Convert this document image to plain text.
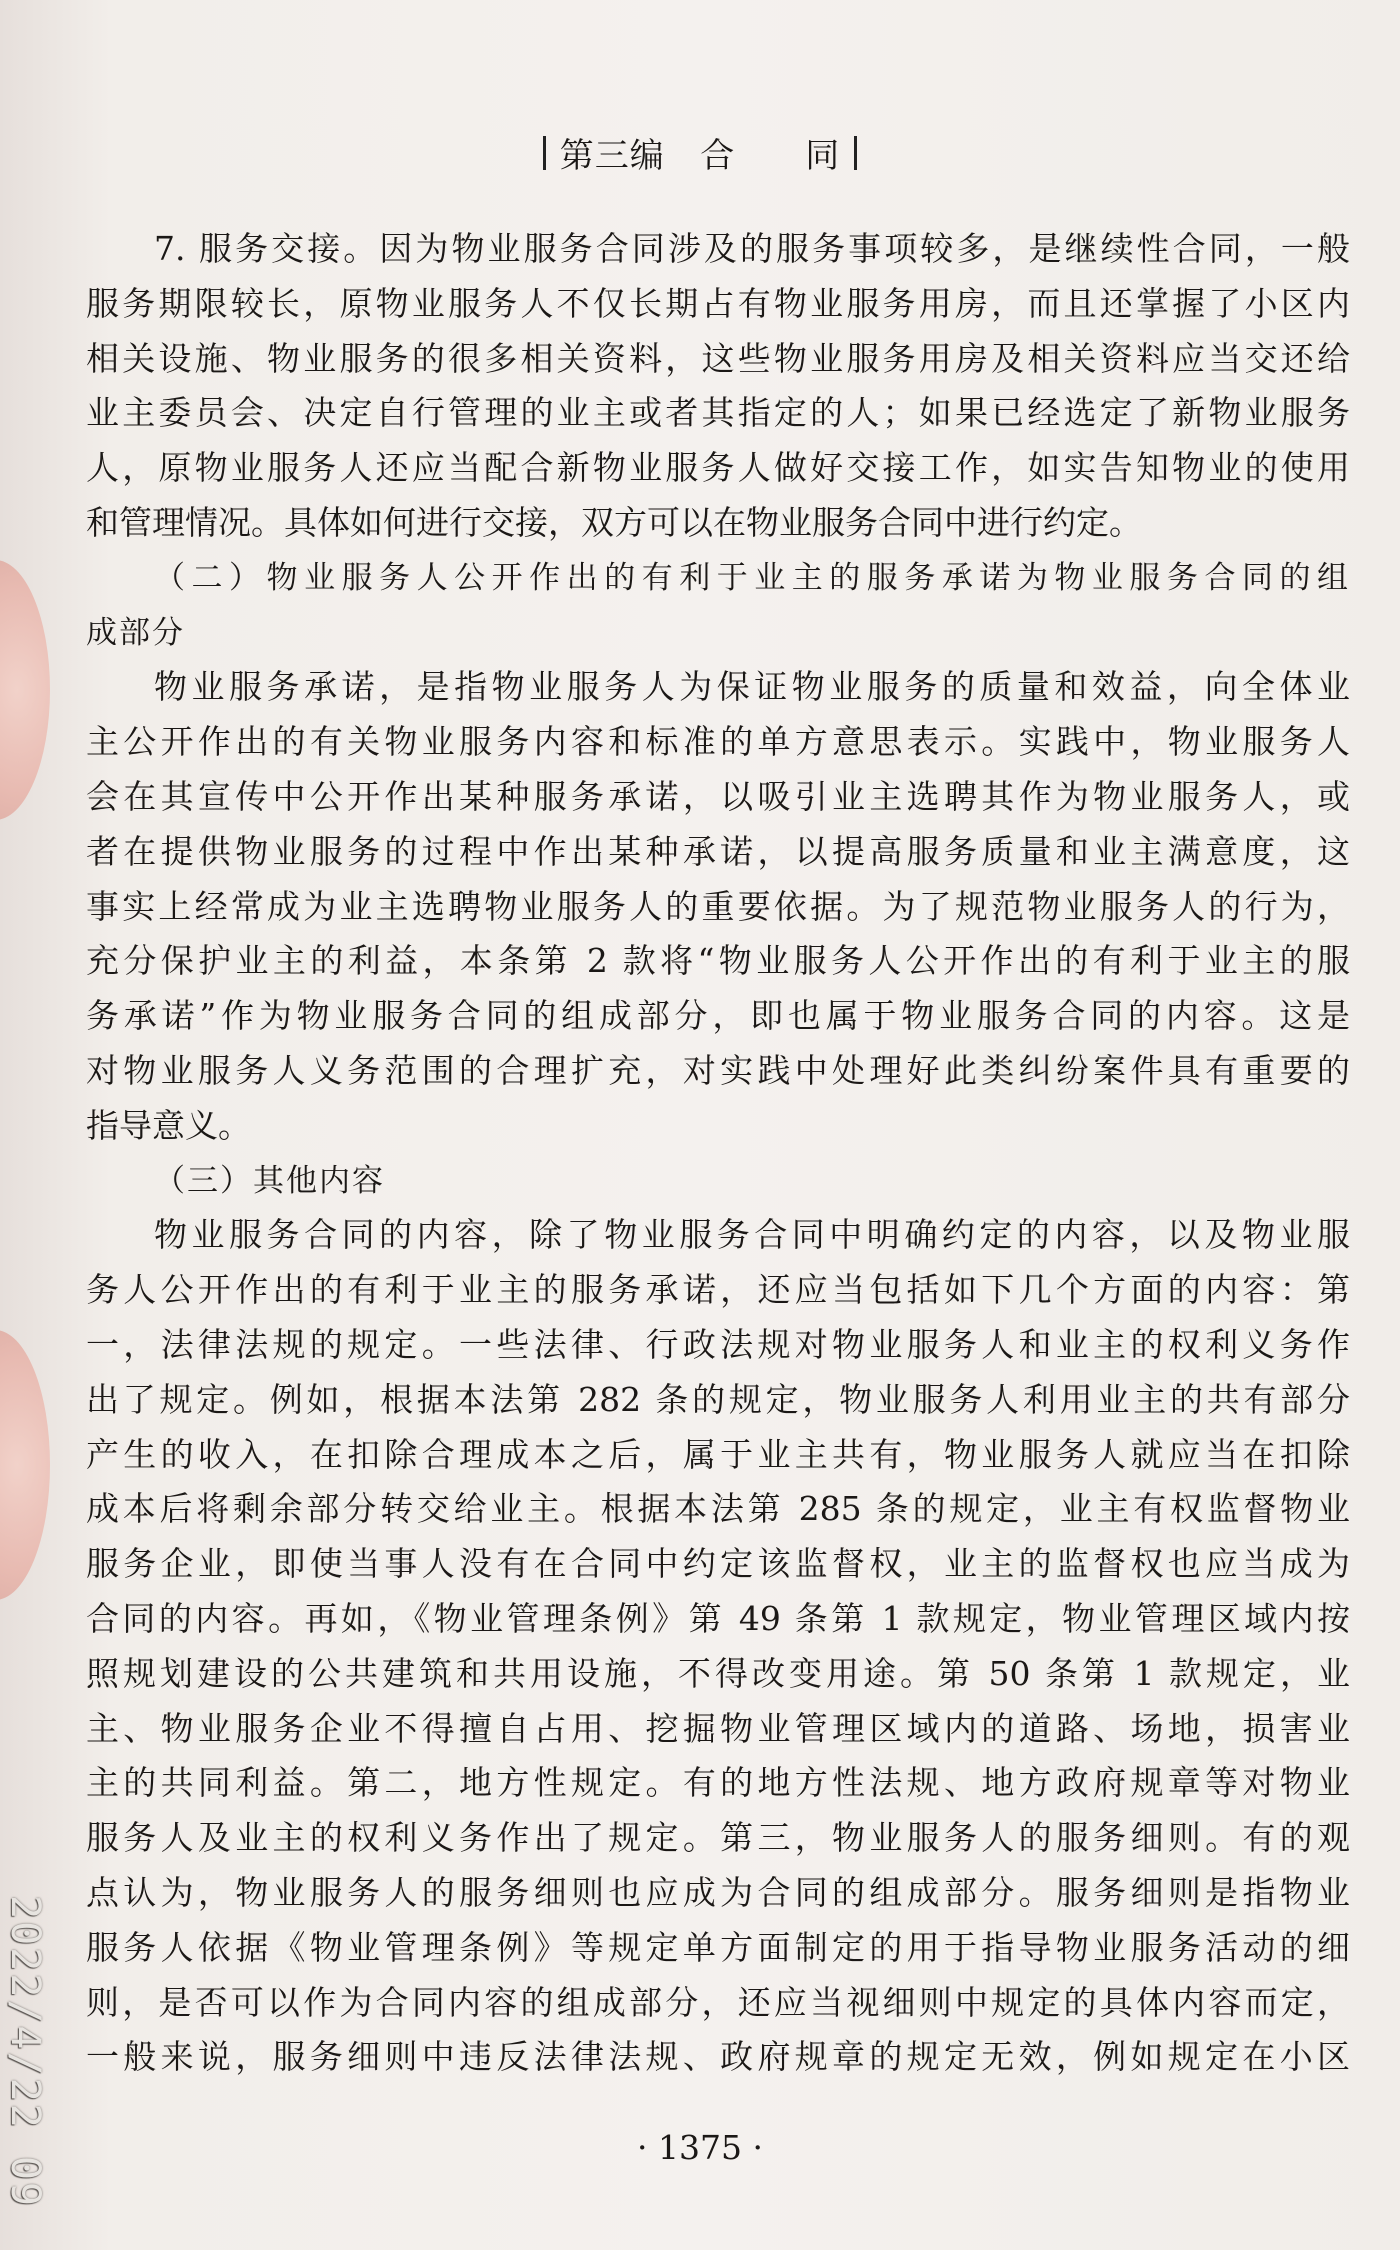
第三编 合　　同
7. 服务交接。因为物业服务合同涉及的服务事项较多，是继续性合同，一般
服务期限较长，原物业服务人不仅长期占有物业服务用房，而且还掌握了小区内
相关设施、物业服务的很多相关资料，这些物业服务用房及相关资料应当交还给
业主委员会、决定自行管理的业主或者其指定的人；如果已经选定了新物业服务
人，原物业服务人还应当配合新物业服务人做好交接工作，如实告知物业的使用
和管理情况。具体如何进行交接，双方可以在物业服务合同中进行约定。
（二）物业服务人公开作出的有利于业主的服务承诺为物业服务合同的组
成部分
物业服务承诺，是指物业服务人为保证物业服务的质量和效益，向全体业
主公开作出的有关物业服务内容和标准的单方意思表示。实践中，物业服务人
会在其宣传中公开作出某种服务承诺，以吸引业主选聘其作为物业服务人，或
者在提供物业服务的过程中作出某种承诺，以提高服务质量和业主满意度，这
事实上经常成为业主选聘物业服务人的重要依据。为了规范物业服务人的行为，
充分保护业主的利益，本条第 2 款将“物业服务人公开作出的有利于业主的服
务承诺”作为物业服务合同的组成部分，即也属于物业服务合同的内容。这是
对物业服务人义务范围的合理扩充，对实践中处理好此类纠纷案件具有重要的
指导意义。
（三）其他内容
物业服务合同的内容，除了物业服务合同中明确约定的内容，以及物业服
务人公开作出的有利于业主的服务承诺，还应当包括如下几个方面的内容：第
一，法律法规的规定。一些法律、行政法规对物业服务人和业主的权利义务作
出了规定。例如，根据本法第 282 条的规定，物业服务人利用业主的共有部分
产生的收入，在扣除合理成本之后，属于业主共有，物业服务人就应当在扣除
成本后将剩余部分转交给业主。根据本法第 285 条的规定，业主有权监督物业
服务企业，即使当事人没有在合同中约定该监督权，业主的监督权也应当成为
合同的内容。再如，《物业管理条例》第 49 条第 1 款规定，物业管理区域内按
照规划建设的公共建筑和共用设施，不得改变用途。第 50 条第 1 款规定，业
主、物业服务企业不得擅自占用、挖掘物业管理区域内的道路、场地，损害业
主的共同利益。第二，地方性规定。有的地方性法规、地方政府规章等对物业
服务人及业主的权利义务作出了规定。第三，物业服务人的服务细则。有的观
点认为，物业服务人的服务细则也应成为合同的组成部分。服务细则是指物业
服务人依据《物业管理条例》等规定单方面制定的用于指导物业服务活动的细
则，是否可以作为合同内容的组成部分，还应当视细则中规定的具体内容而定，
一般来说，服务细则中违反法律法规、政府规章的规定无效，例如规定在小区
· 1375 ·
2022/4/22 09
